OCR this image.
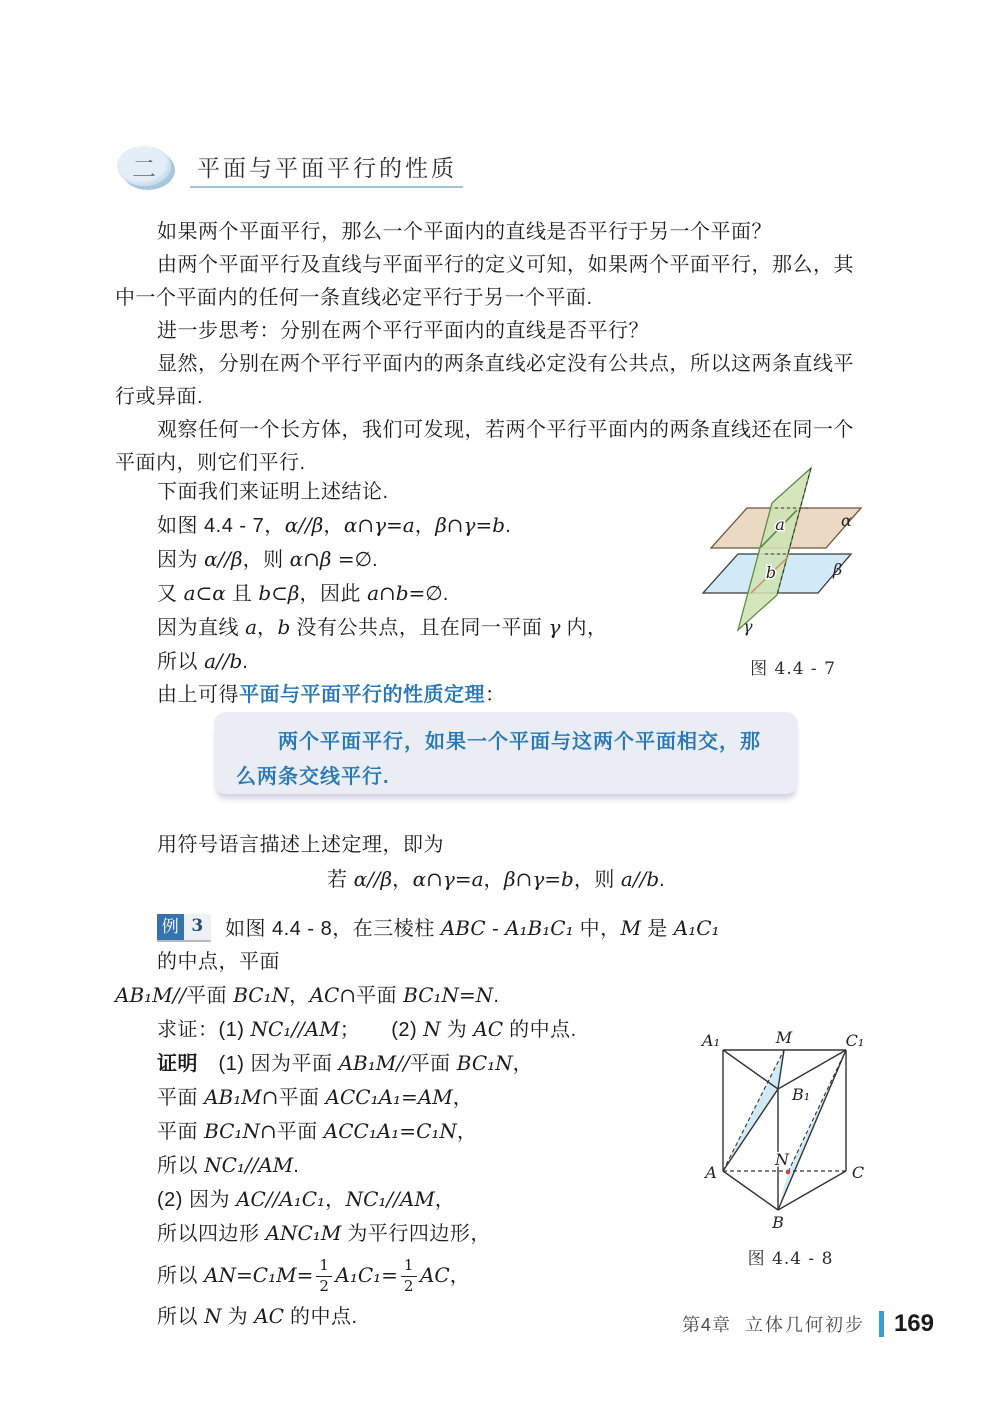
二 平面与平面平行的性质

如果两个平面平行，那么一个平面内的直线是否平行于另一个平面？

由两个平面平行及直线与平面平行的定义可知，如果两个平面平行，那么，其中一个平面内的任何一条直线必定平行于另一个平面.

进一步思考：分别在两个平行平面内的直线是否平行？

显然，分别在两个平行平面内的两条直线必定没有公共点，所以这两条直线平行或异面.

观察任何一个长方体，我们可发现，若两个平行平面内的两条直线还在同一个平面内，则它们平行.

下面我们来证明上述结论.

如图 4.4 - 7，α//β，α∩γ=a，β∩γ=b.

因为 α//β，则 α∩β =∅.

又 a⊂α 且 b⊂β，因此 a∩b=∅.

因为直线 a，b 没有公共点，且在同一平面 γ 内，

所以 a//b.

由上可得平面与平面平行的性质定理：

a
b
α
β
γ
图 4.4 - 7

两个平面平行，如果一个平面与这两个平面相交，那么两条交线平行.

用符号语言描述上述定理，即为

若 α//β，α∩γ=a，β∩γ=b，则 a//b.

例 3	如图 4.4 - 8，在三棱柱 ABC - A₁B₁C₁ 中，M 是 A₁C₁ 的中点，平面

AB₁M//平面 BC₁N，AC∩平面 BC₁N=N.

求证：(1) NC₁//AM；　　(2) N 为 AC 的中点.

证明　(1) 因为平面 AB₁M//平面 BC₁N，

平面 AB₁M∩平面 ACC₁A₁=AM，

平面 BC₁N∩平面 ACC₁A₁=C₁N，

所以 NC₁//AM.

(2) 因为 AC//A₁C₁，NC₁//AM，

所以四边形 ANC₁M 为平行四边形，

所以 $AN=C_1M= \frac{1}{2} A_1C_1= \frac{1}{2}$ AC，

所以 N 为 AC 的中点.

A₁	M	C₁
B₁
A
N
C
B
图 4.4 - 8
第4章 立体几何初步 169
